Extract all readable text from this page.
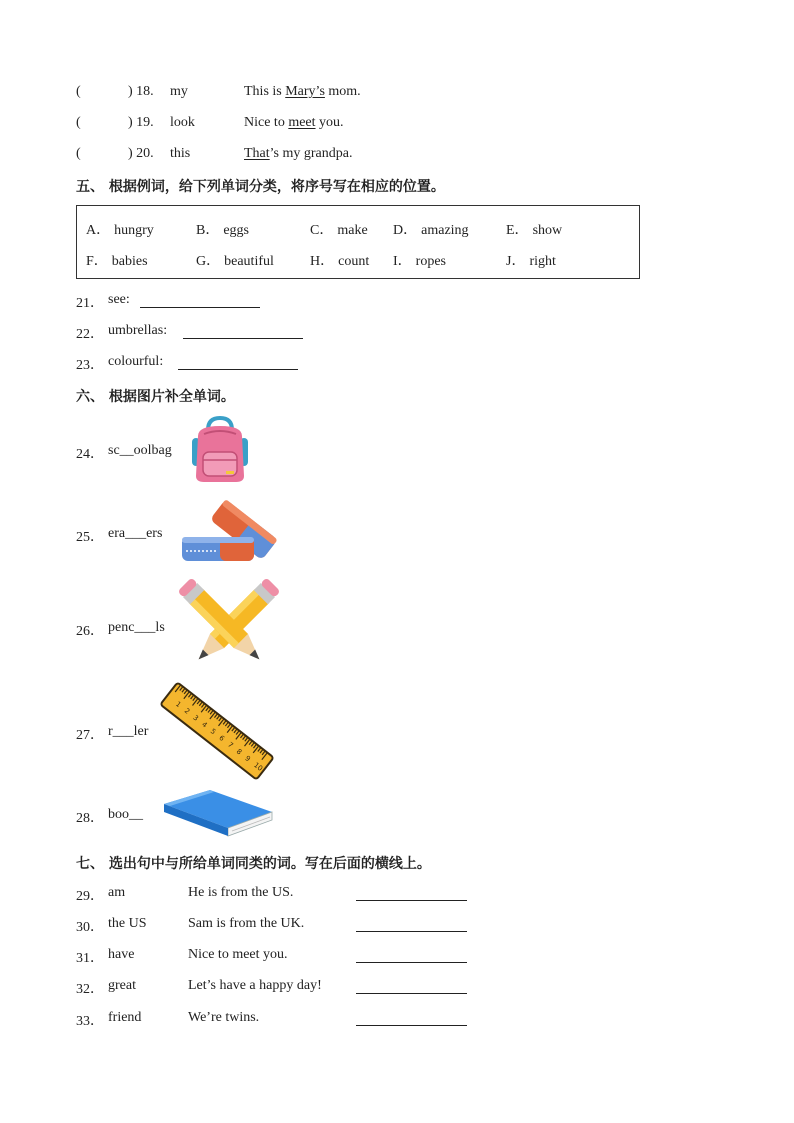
(	) 18. my	This is Mary’s mom.
(	) 19. look	Nice to meet you.
(	) 20. this	That’s my grandpa.
五、 根据例词，给下列单词分类，将序号写在相应的位置。
A． hungry	B． eggs	C． make D． amazing	E． show
F． babies	G． beautiful	H． count I． ropes	J． right
21． see:
22． umbrellas:
23． colourful:
六、 根据图片补全单词。
24． sc__oolbag
25． era___ers
26． penc___ls
27． r___ler
1
2
3
4
5
6
7
8
9
10
28． boo__
七、 选出句中与所给单词同类的词。写在后面的横线上。
29． am	He is from the US.
30． the US	Sam is from the UK.
31． have	Nice to meet you.
32． great	Let’s have a happy day!
33． friend	We’re twins.
